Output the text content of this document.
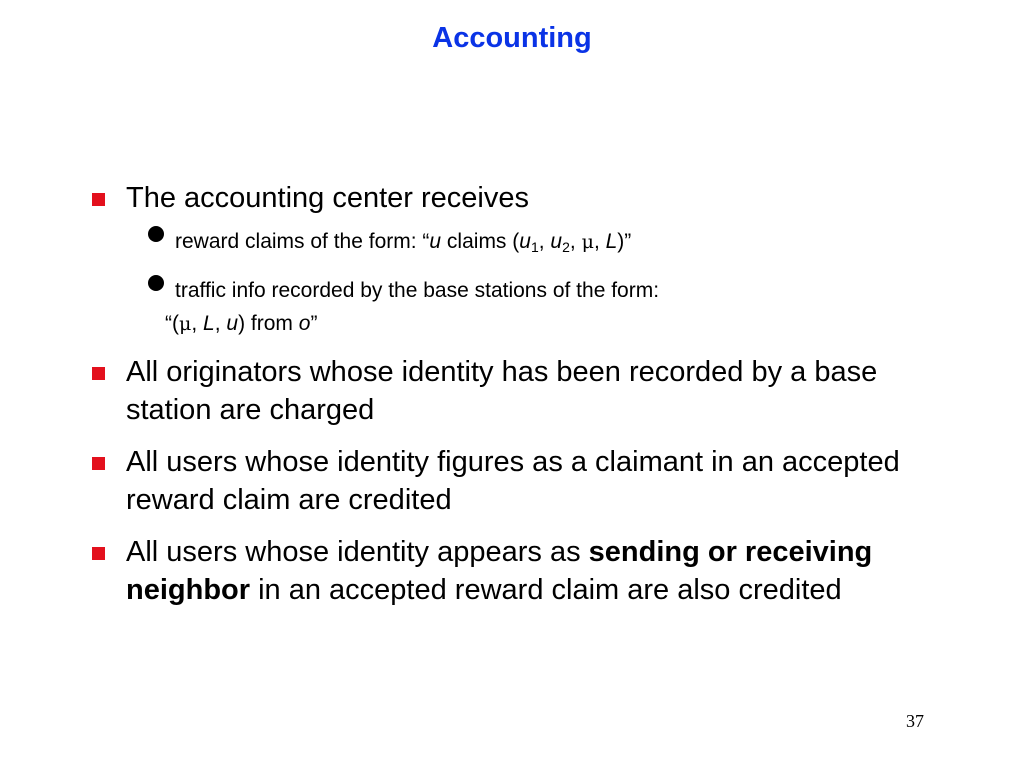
Accounting
The accounting center receives
reward claims of the form: “u claims ($u_1$, $u_2$, μ, L)”
traffic info recorded by the base stations of the form:
“(μ, L, u) from o”
All originators whose identity has been recorded by a base station are charged
All users whose identity figures as a claimant in an accepted reward claim are credited
All users whose identity appears as sending or receiving neighbor in an accepted reward claim are also credited
37
